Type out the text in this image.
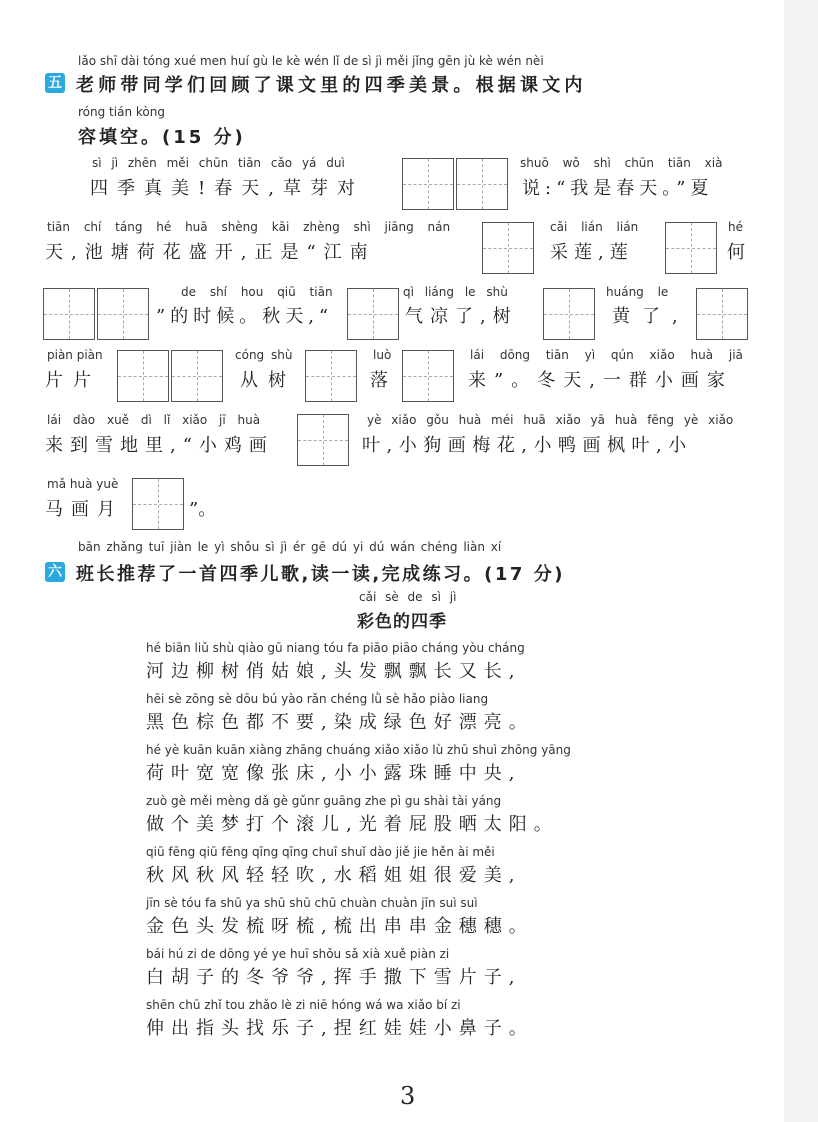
lǎo shī dài tóng xué men huí gù le kè wén lǐ de sì jì měi jǐng gēn jù kè wén nèi
五 老师带同学们回顾了课文里的四季美景。根据课文内
róng tián kòng
容填空。(15 分)
sì jì zhēn měi chūn tiān cǎo yá duì
四季真美!春天,草芽对
shuō wǒ shì chūn tiān xià
说:“我是春天。”夏
tiān chí táng hé huā shèng kāi zhèng shì jiāng nán
天,池塘荷花盛开,正是“江南
cǎi lián lián
采莲,莲
hé
何
de shí hou qiū tiān
”的时候。秋天,“
qì liáng le shù
气凉了,树
huáng le
黄了,
piàn piàn
片片
cóng shù
从树
luò
落
lái dōng tiān yì qún xiǎo huà jiā
来”。冬天,一群小画家
lái dào xuě dì lǐ xiǎo jī huà
来到雪地里,“小鸡画
yè xiǎo gǒu huà méi huā xiǎo yā huà fēng yè xiǎo
叶,小狗画梅花,小鸭画枫叶,小
mǎ huà yuè
马画月	”。
bān zhǎng tuī jiàn le yì shǒu sì jì ér gē dú yi dú wán chéng liàn xí
六 班长推荐了一首四季儿歌,读一读,完成练习。(17 分)
cǎi sè de sì jì
彩色的四季
hé biān liǔ shù qiào gū niang tóu fa piāo piāo cháng yòu cháng
河边柳树俏姑娘,头发飘飘长又长,
hēi sè zōng sè dōu bú yào rǎn chéng lǜ sè hǎo piào liang
黑色棕色都不要,染成绿色好漂亮。
hé yè kuān kuān xiàng zhāng chuáng xiǎo xiǎo lù zhū shuì zhōng yāng
荷叶宽宽像张床,小小露珠睡中央,
zuò gè měi mèng dǎ gè gǔnr guāng zhe pì gu shài tài yáng
做个美梦打个滚儿,光着屁股晒太阳。
qiū fēng qiū fēng qīng qīng chuī shuǐ dào jiě jie hěn ài měi
秋风秋风轻轻吹,水稻姐姐很爱美,
jīn sè tóu fa shū ya shū shū chū chuàn chuàn jīn suì suì
金色头发梳呀梳,梳出串串金穗穗。
bái hú zi de dōng yé ye huī shǒu sǎ xià xuě piàn zi
白胡子的冬爷爷,挥手撒下雪片子,
shēn chū zhǐ tou zhǎo lè zi niē hóng wá wa xiǎo bí zi
伸出指头找乐子,捏红娃娃小鼻子。
3
